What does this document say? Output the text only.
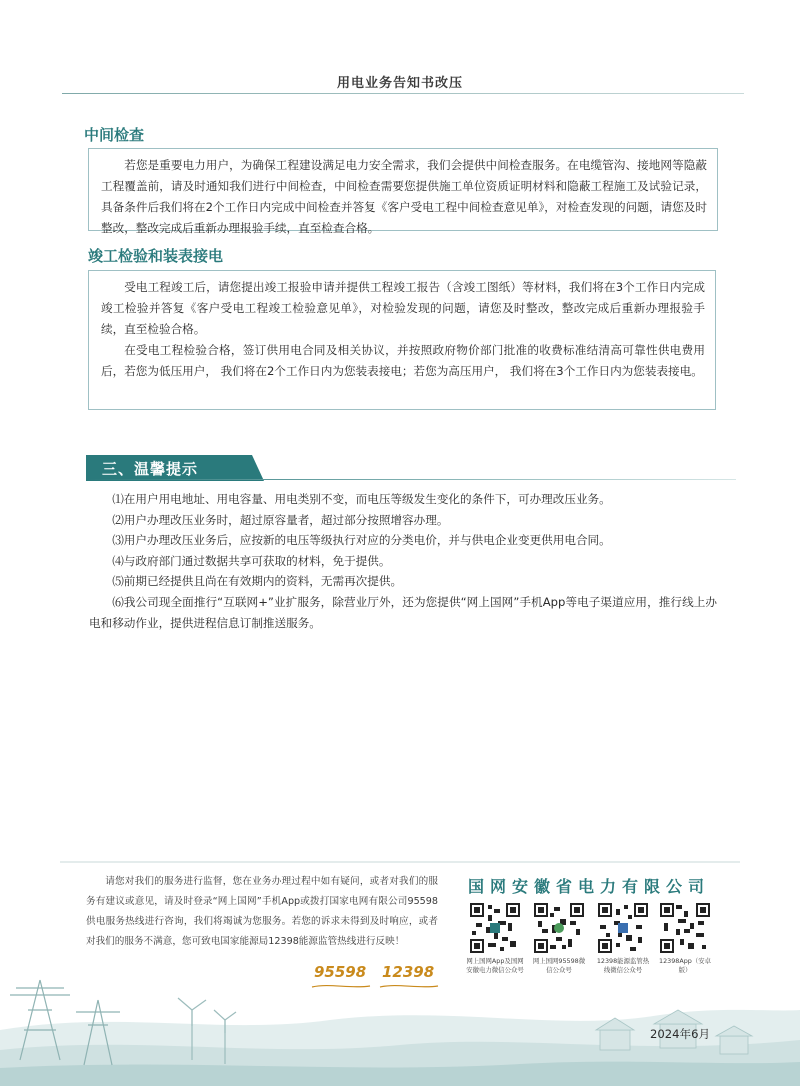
用电业务告知书改压
中间检查

若您是重要电力用户，为确保工程建设满足电力安全需求，我们会提供中间检查服务。在电缆管沟、接地网等隐蔽工程覆盖前，请及时通知我们进行中间检查，中间检查需要您提供施工单位资质证明材料和隐蔽工程施工及试验记录，具备条件后我们将在2个工作日内完成中间检查并答复《客户受电工程中间检查意见单》，对检查发现的问题，请您及时整改，整改完成后重新办理报验手续，直至检查合格。

竣工检验和装表接电

受电工程竣工后，请您提出竣工报验申请并提供工程竣工报告（含竣工图纸）等材料，我们将在3个工作日内完成竣工检验并答复《客户受电工程竣工检验意见单》，对检验发现的问题，请您及时整改，整改完成后重新办理报验手续，直至检验合格。

在受电工程检验合格，签订供用电合同及相关协议，并按照政府物价部门批准的收费标准结清高可靠性供电费用后，若您为低压用户， 我们将在2个工作日内为您装表接电；若您为高压用户， 我们将在3个工作日内为您装表接电。

三、温馨提示

⑴在用户用电地址、用电容量、用电类别不变，而电压等级发生变化的条件下，可办理改压业务。

⑵用户办理改压业务时，超过原容量者，超过部分按照增容办理。

⑶用户办理改压业务后，应按新的电压等级执行对应的分类电价，并与供电企业变更供用电合同。

⑷与政府部门通过数据共享可获取的材料，免于提供。

⑸前期已经提供且尚在有效期内的资料，无需再次提供。

⑹我公司现全面推行“互联网+”业扩服务，除营业厅外，还为您提供“网上国网”手机App等电子渠道应用，推行线上办电和移动作业，提供进程信息订制推送服务。

请您对我们的服务进行监督，您在业务办理过程中如有疑问，或者对我们的服务有建议或意见，请及时登录“网上国网”手机App或拨打国家电网有限公司95598供电服务热线进行咨询，我们将竭诚为您服务。若您的诉求未得到及时响应，或者对我们的服务不满意，您可致电国家能源局12398能源监管热线进行反映！
国网安徽省电力有限公司
网上国网App及国网安徽电力微信公众号
网上国网95598微信公众号
12398能源监管热线微信公众号
12398App（安卓版）
95598 12398
2024年6月
